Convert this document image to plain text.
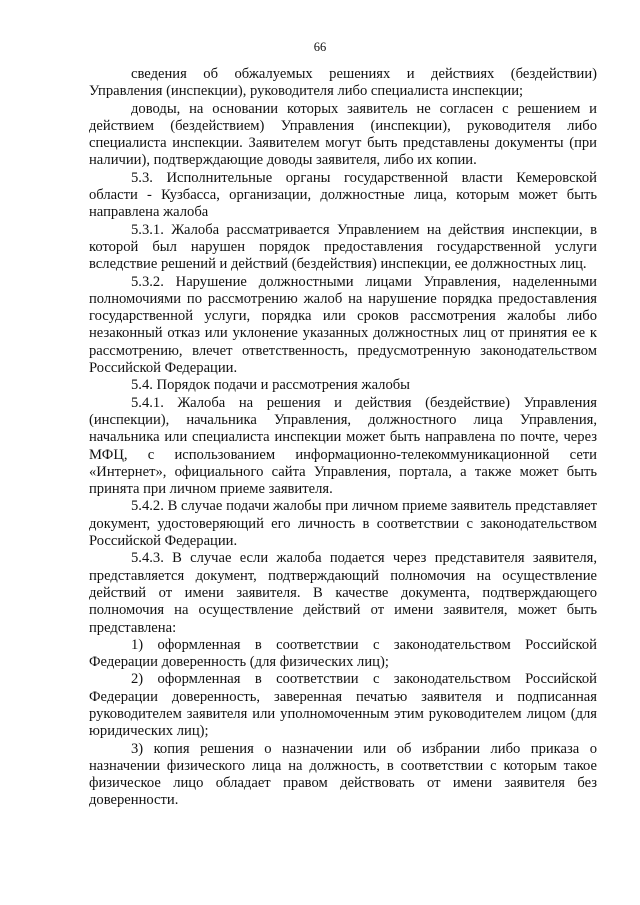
66

сведения об обжалуемых решениях и действиях (бездействии) Управления (инспекции), руководителя либо специалиста инспекции;

доводы, на основании которых заявитель не согласен с решением и действием (бездействием) Управления (инспекции), руководителя либо специалиста инспекции. Заявителем могут быть представлены документы (при наличии), подтверждающие доводы заявителя, либо их копии.

5.3. Исполнительные органы государственной власти Кемеровской области - Кузбасса, организации, должностные лица, которым может быть направлена жалоба

5.3.1. Жалоба рассматривается Управлением на действия инспекции, в которой был нарушен порядок предоставления государственной услуги вследствие решений и действий (бездействия) инспекции, ее должностных лиц.

5.3.2. Нарушение должностными лицами Управления, наделенными полномочиями по рассмотрению жалоб на нарушение порядка предоставления государственной услуги, порядка или сроков рассмотрения жалобы либо незаконный отказ или уклонение указанных должностных лиц от принятия ее к рассмотрению, влечет ответственность, предусмотренную законодательством Российской Федерации.

5.4. Порядок подачи и рассмотрения жалобы

5.4.1. Жалоба на решения и действия (бездействие) Управления (инспекции), начальника Управления, должностного лица Управления, начальника или специалиста инспекции может быть направлена по почте, через МФЦ, с использованием информационно-телекоммуникационной сети «Интернет», официального сайта Управления, портала, а также может быть принята при личном приеме заявителя.

5.4.2. В случае подачи жалобы при личном приеме заявитель представляет документ, удостоверяющий его личность в соответствии с законодательством Российской Федерации.

5.4.3. В случае если жалоба подается через представителя заявителя, представляется документ, подтверждающий полномочия на осуществление действий от имени заявителя. В качестве документа, подтверждающего полномочия на осуществление действий от имени заявителя, может быть представлена:

1) оформленная в соответствии с законодательством Российской Федерации доверенность (для физических лиц);

2) оформленная в соответствии с законодательством Российской Федерации доверенность, заверенная печатью заявителя и подписанная руководителем заявителя или уполномоченным этим руководителем лицом (для юридических лиц);

3) копия решения о назначении или об избрании либо приказа о назначении физического лица на должность, в соответствии с которым такое физическое лицо обладает правом действовать от имени заявителя без доверенности.
